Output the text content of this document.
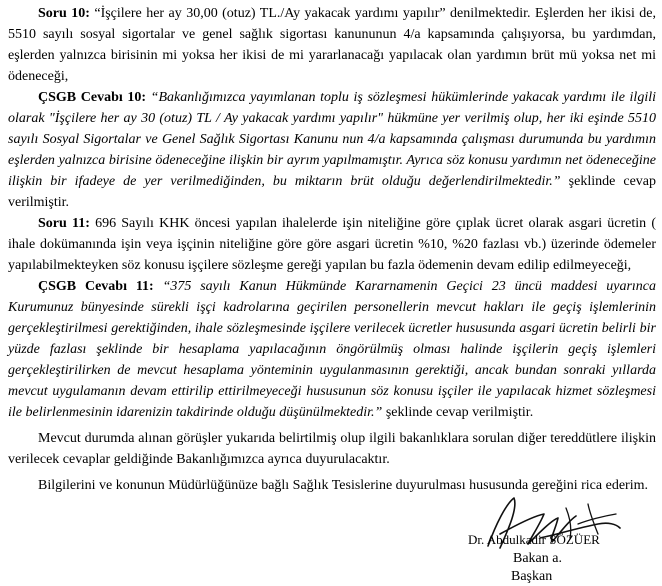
Soru 10: “İşçilere her ay 30,00 (otuz) TL./Ay yakacak yardımı yapılır” denilmektedir. Eşlerden her ikisi de, 5510 sayılı sosyal sigortalar ve genel sağlık sigortası kanununun 4/a kapsamında çalışıyorsa, bu yardımdan, eşlerden yalnızca birisinin mi yoksa her ikisi de mi yararlanacağı yapılacak olan yardımın brüt mü yoksa net mi ödeneceği,

ÇSGB Cevabı 10: “Bakanlığımızca yayımlanan toplu iş sözleşmesi hükümlerinde yakacak yardımı ile ilgili olarak "İşçilere her ay 30 (otuz) TL / Ay yakacak yardımı yapılır" hükmüne yer verilmiş olup, her iki eşinde 5510 sayılı Sosyal Sigortalar ve Genel Sağlık Sigortası Kanunu nun 4/a kapsamında çalışması durumunda bu yardımın eşlerden yalnızca birisine ödeneceğine ilişkin bir ayrım yapılmamıştır. Ayrıca söz konusu yardımın net ödeneceğine ilişkin bir ifadeye de yer verilmediğinden, bu miktarın brüt olduğu değerlendirilmektedir.” şeklinde cevap verilmiştir.

Soru 11: 696 Sayılı KHK öncesi yapılan ihalelerde işin niteliğine göre çıplak ücret olarak asgari ücretin ( ihale dokümanında işin veya işçinin niteliğine göre göre asgari ücretin %10, %20 fazlası vb.) üzerinde ödemeler yapılabilmekteyken söz konusu işçilere sözleşme gereği yapılan bu fazla ödemenin devam edilip edilmeyeceği,

ÇSGB Cevabı 11: “375 sayılı Kanun Hükmünde Kararnamenin Geçici 23 üncü maddesi uyarınca Kurumunuz bünyesinde sürekli işçi kadrolarına geçirilen personellerin mevcut hakları ile geçiş işlemlerinin gerçekleştirilmesi gerektiğinden, ihale sözleşmesinde işçilere verilecek ücretler hususunda asgari ücretin belirli bir yüzde fazlası şeklinde bir hesaplama yapılacağının öngörülmüş olması halinde işçilerin geçiş işlemleri gerçekleştirilirken de mevcut hesaplama yönteminin uygulanmasının gerektiği, ancak bundan sonraki yıllarda mevcut uygulamanın devam ettirilip ettirilmeyeceği hususunun söz konusu işçiler ile yapılacak hizmet sözleşmesi ile belirlenmesinin idarenizin takdirinde olduğu düşünülmektedir.” şeklinde cevap verilmiştir.

Mevcut durumda alınan görüşler yukarıda belirtilmiş olup ilgili bakanlıklara sorulan diğer tereddütlere ilişkin verilecek cevaplar geldiğinde Bakanlığımızca ayrıca duyurulacaktır.

Bilgilerini ve konunun Müdürlüğünüze bağlı Sağlık Tesislerine duyurulması hususunda gereğini rica ederim.

Dr. Abdulkadir SÖZÜER
Bakan a.
Başkan
